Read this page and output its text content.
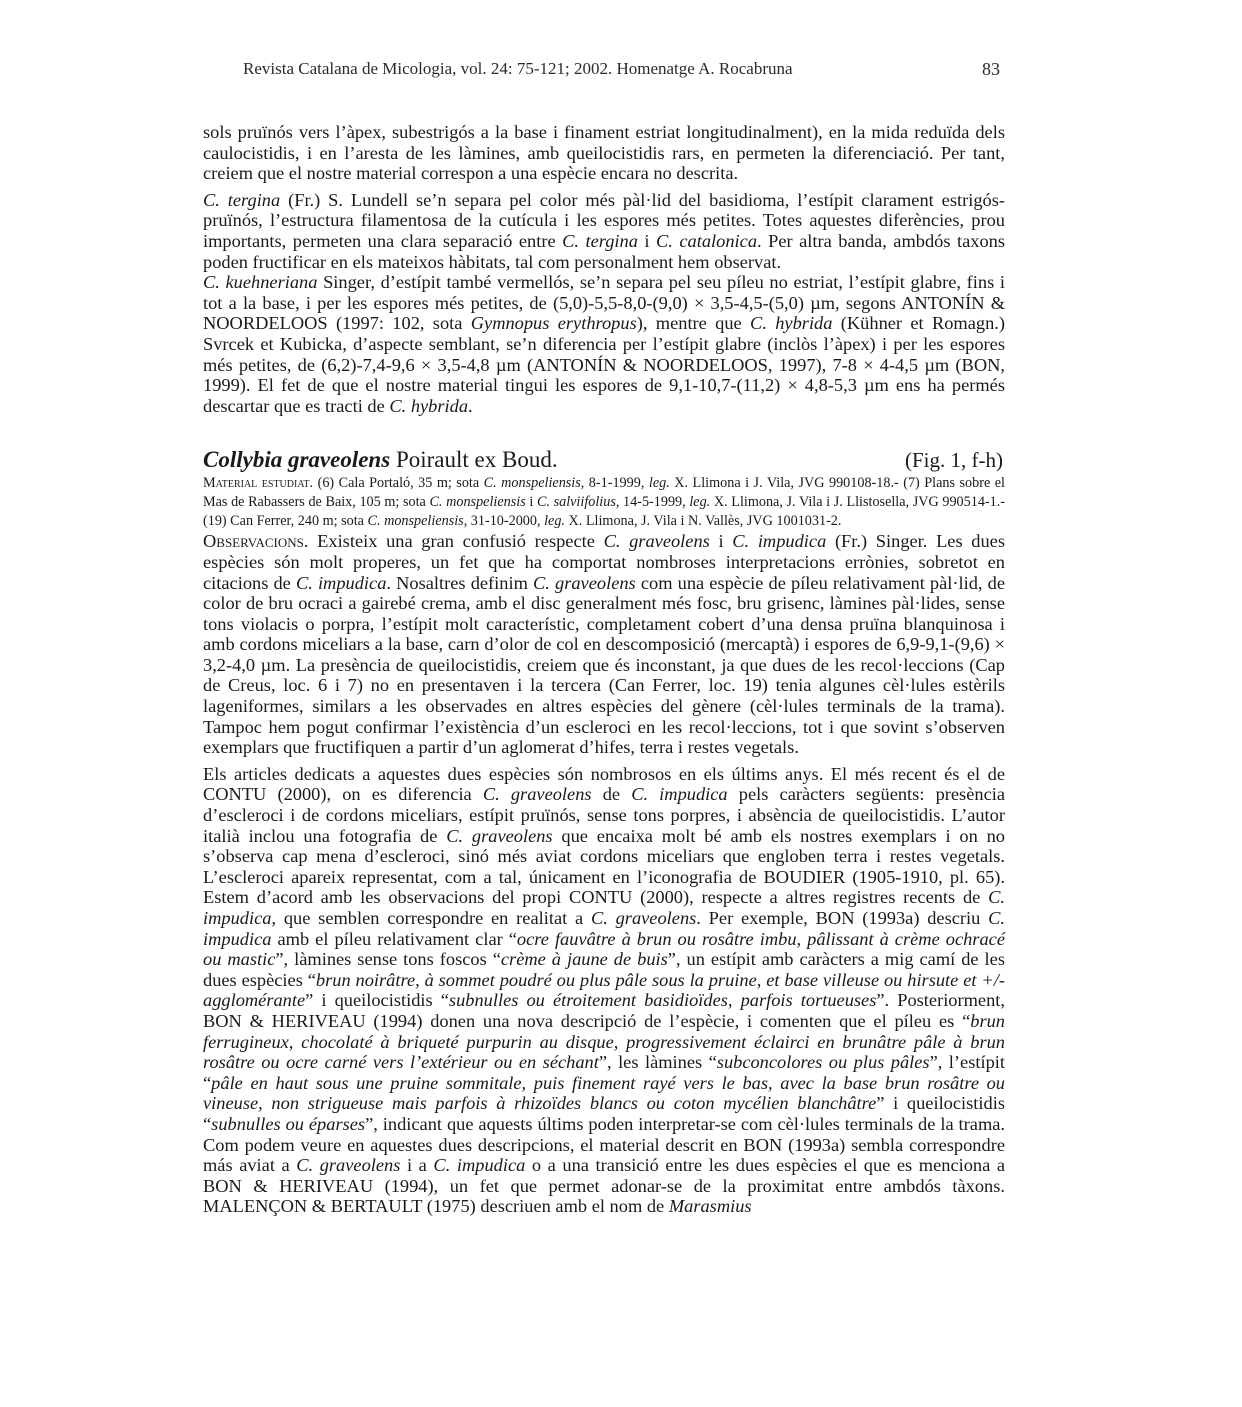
Revista Catalana de Micologia, vol. 24: 75-121; 2002. Homenatge A. Rocabruna	83

sols pruïnós vers l’àpex, subestrigós a la base i finament estriat longitudinalment), en la mida reduïda dels caulocistidis, i en l’aresta de les làmines, amb queilocistidis rars, en permeten la diferenciació. Per tant, creiem que el nostre material correspon a una espècie encara no descrita.

C. tergina (Fr.) S. Lundell se’n separa pel color més pàl·lid del basidioma, l’estípit clarament estrigós-pruïnós, l’estructura filamentosa de la cutícula i les espores més petites. Totes aquestes diferències, prou importants, permeten una clara separació entre C. tergina i C. catalonica. Per altra banda, ambdós taxons poden fructificar en els mateixos hàbitats, tal com personalment hem observat.

C. kuehneriana Singer, d’estípit també vermellós, se’n separa pel seu píleu no estriat, l’estípit glabre, fins i tot a la base, i per les espores més petites, de (5,0)-5,5-8,0-(9,0) × 3,5-4,5-(5,0) µm, segons ANTONÍN & NOORDELOOS (1997: 102, sota Gymnopus erythropus), mentre que C. hybrida (Kühner et Romagn.) Svrcek et Kubicka, d’aspecte semblant, se’n diferencia per l’estípit glabre (inclòs l’àpex) i per les espores més petites, de (6,2)-7,4-9,6 × 3,5-4,8 µm (ANTONÍN & NOORDELOOS, 1997), 7-8 × 4-4,5 µm (BON, 1999). El fet de que el nostre material tingui les espores de 9,1-10,7-(11,2) × 4,8-5,3 µm ens ha permés descartar que es tracti de C. hybrida.

Collybia graveolens Poirault ex Boud.	(Fig. 1, f-h)

Material estudiat. (6) Cala Portaló, 35 m; sota C. monspeliensis, 8-1-1999, leg. X. Llimona i J. Vila, JVG 990108-18.- (7) Plans sobre el Mas de Rabassers de Baix, 105 m; sota C. monspeliensis i C. salviifolius, 14-5-1999, leg. X. Llimona, J. Vila i J. Llistosella, JVG 990514-1.- (19) Can Ferrer, 240 m; sota C. monspeliensis, 31-10-2000, leg. X. Llimona, J. Vila i N. Vallès, JVG 1001031-2.

Observacions. Existeix una gran confusió respecte C. graveolens i C. impudica (Fr.) Singer. Les dues espècies són molt properes, un fet que ha comportat nombroses interpretacions errònies, sobretot en citacions de C. impudica. Nosaltres definim C. graveolens com una espècie de píleu relativament pàl·lid, de color de bru ocraci a gairebé crema, amb el disc generalment més fosc, bru grisenc, làmines pàl·lides, sense tons violacis o porpra, l’estípit molt característic, completament cobert d’una densa pruïna blanquinosa i amb cordons miceliars a la base, carn d’olor de col en descomposició (mercaptà) i espores de 6,9-9,1-(9,6) × 3,2-4,0 µm. La presència de queilocistidis, creiem que és inconstant, ja que dues de les recol·leccions (Cap de Creus, loc. 6 i 7) no en presentaven i la tercera (Can Ferrer, loc. 19) tenia algunes cèl·lules estèrils lageniformes, similars a les observades en altres espècies del gènere (cèl·lules terminals de la trama). Tampoc hem pogut confirmar l’existència d’un escleroci en les recol·leccions, tot i que sovint s’observen exemplars que fructifiquen a partir d’un aglomerat d’hifes, terra i restes vegetals.

Els articles dedicats a aquestes dues espècies són nombrosos en els últims anys. El més recent és el de CONTU (2000), on es diferencia C. graveolens de C. impudica pels caràcters següents: presència d’escleroci i de cordons miceliars, estípit pruïnós, sense tons porpres, i absència de queilocistidis. L’autor italià inclou una fotografia de C. graveolens que encaixa molt bé amb els nostres exemplars i on no s’observa cap mena d’escleroci, sinó més aviat cordons miceliars que engloben terra i restes vegetals. L’escleroci apareix representat, com a tal, únicament en l’iconografia de BOUDIER (1905-1910, pl. 65). Estem d’acord amb les observacions del propi CONTU (2000), respecte a altres registres recents de C. impudica, que semblen correspondre en realitat a C. graveolens. Per exemple, BON (1993a) descriu C. impudica amb el píleu relativament clar “ocre fauvâtre à brun ou rosâtre imbu, pâlissant à crème ochracé ou mastic”, làmines sense tons foscos “crème à jaune de buis”, un estípit amb caràcters a mig camí de les dues espècies “brun noirâtre, à sommet poudré ou plus pâle sous la pruine, et base villeuse ou hirsute et +/- agglomérante” i queilocistidis “subnulles ou étroitement basidioïdes, parfois tortueuses”. Posteriorment, BON & HERIVEAU (1994) donen una nova descripció de l’espècie, i comenten que el píleu es “brun ferrugineux, chocolaté à briqueté purpurin au disque, progressivement éclairci en brunâtre pâle à brun rosâtre ou ocre carné vers l’extérieur ou en séchant”, les làmines “subconcolores ou plus pâles”, l’estípit “pâle en haut sous une pruine sommitale, puis finement rayé vers le bas, avec la base brun rosâtre ou vineuse, non strigueuse mais parfois à rhizoïdes blancs ou coton mycélien blanchâtre” i queilocistidis “subnulles ou éparses”, indicant que aquests últims poden interpretar-se com cèl·lules terminals de la trama. Com podem veure en aquestes dues descripcions, el material descrit en BON (1993a) sembla correspondre más aviat a C. graveolens i a C. impudica o a una transició entre les dues espècies el que es menciona a BON & HERIVEAU (1994), un fet que permet adonar-se de la proximitat entre ambdós tàxons. MALENÇON & BERTAULT (1975) descriuen amb el nom de Marasmius
